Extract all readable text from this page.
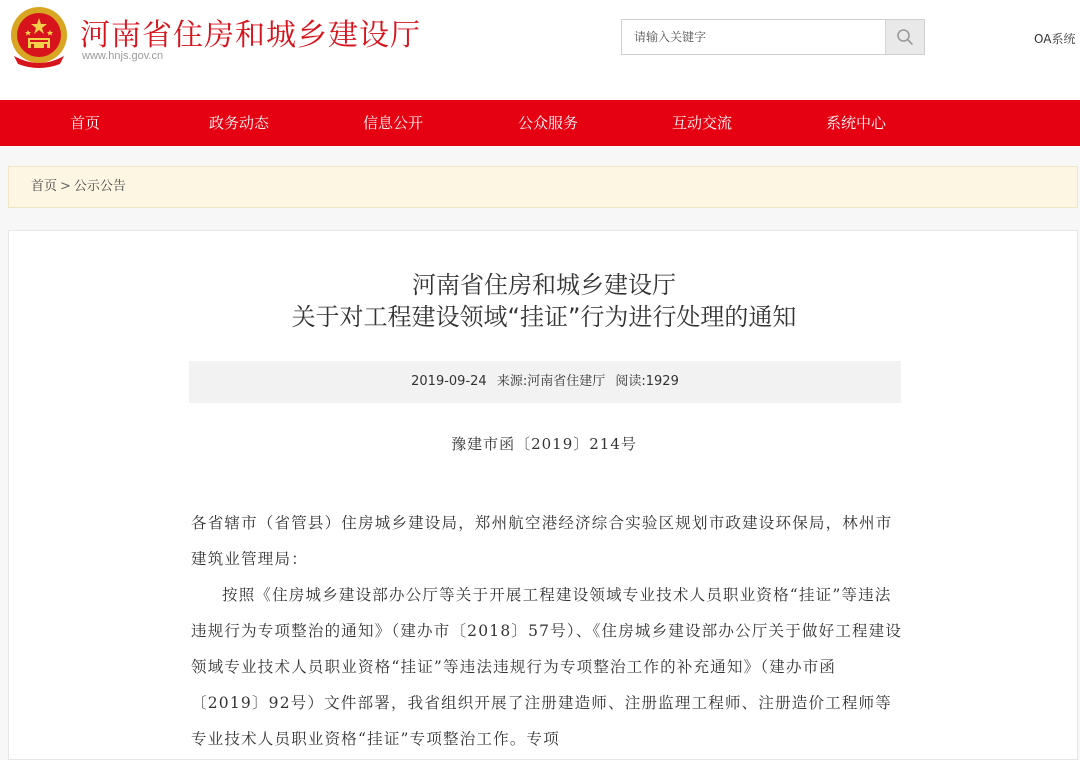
河南省住房和城乡建设厅
www.hnjs.gov.cn
请输入关键字
OA系统
首页	政务动态	信息公开	公众服务	互动交流	系统中心
首页 > 公示公告
河南省住房和城乡建设厅
关于对工程建设领域“挂证”行为进行处理的通知
2019-09-24 来源:河南省住建厅 阅读:1929
豫建市函〔2019〕214号

各省辖市（省管县）住房城乡建设局，郑州航空港经济综合实验区规划市政建设环保局，林州市建筑业管理局：

按照《住房城乡建设部办公厅等关于开展工程建设领域专业技术人员职业资格“挂证”等违法违规行为专项整治的通知》（建办市〔2018〕57号）、《住房城乡建设部办公厅关于做好工程建设领域专业技术人员职业资格“挂证”等违法违规行为专项整治工作的补充通知》（建办市函〔2019〕92号）文件部署，我省组织开展了注册建造师、注册监理工程师、注册造价工程师等专业技术人员职业资格“挂证”专项整治工作。专项
